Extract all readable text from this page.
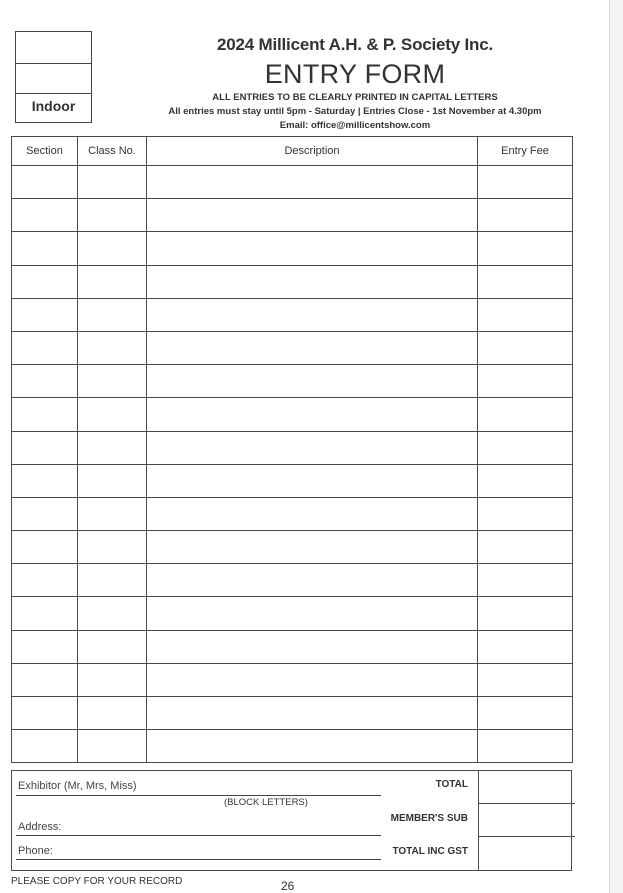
Indoor
2024 Millicent A.H. & P. Society Inc.
ENTRY FORM
ALL ENTRIES TO BE CLEARLY PRINTED IN CAPITAL LETTERS
All entries must stay until 5pm - Saturday | Entries Close - 1st November at 4.30pm
Email: office@millicentshow.com
Section	Class No.	Description	Entry Fee

Exhibitor (Mr, Mrs, Miss)
(BLOCK LETTERS)
Address:
Phone:
TOTAL
MEMBER'S SUB
TOTAL INC GST
PLEASE COPY FOR YOUR RECORD	26
